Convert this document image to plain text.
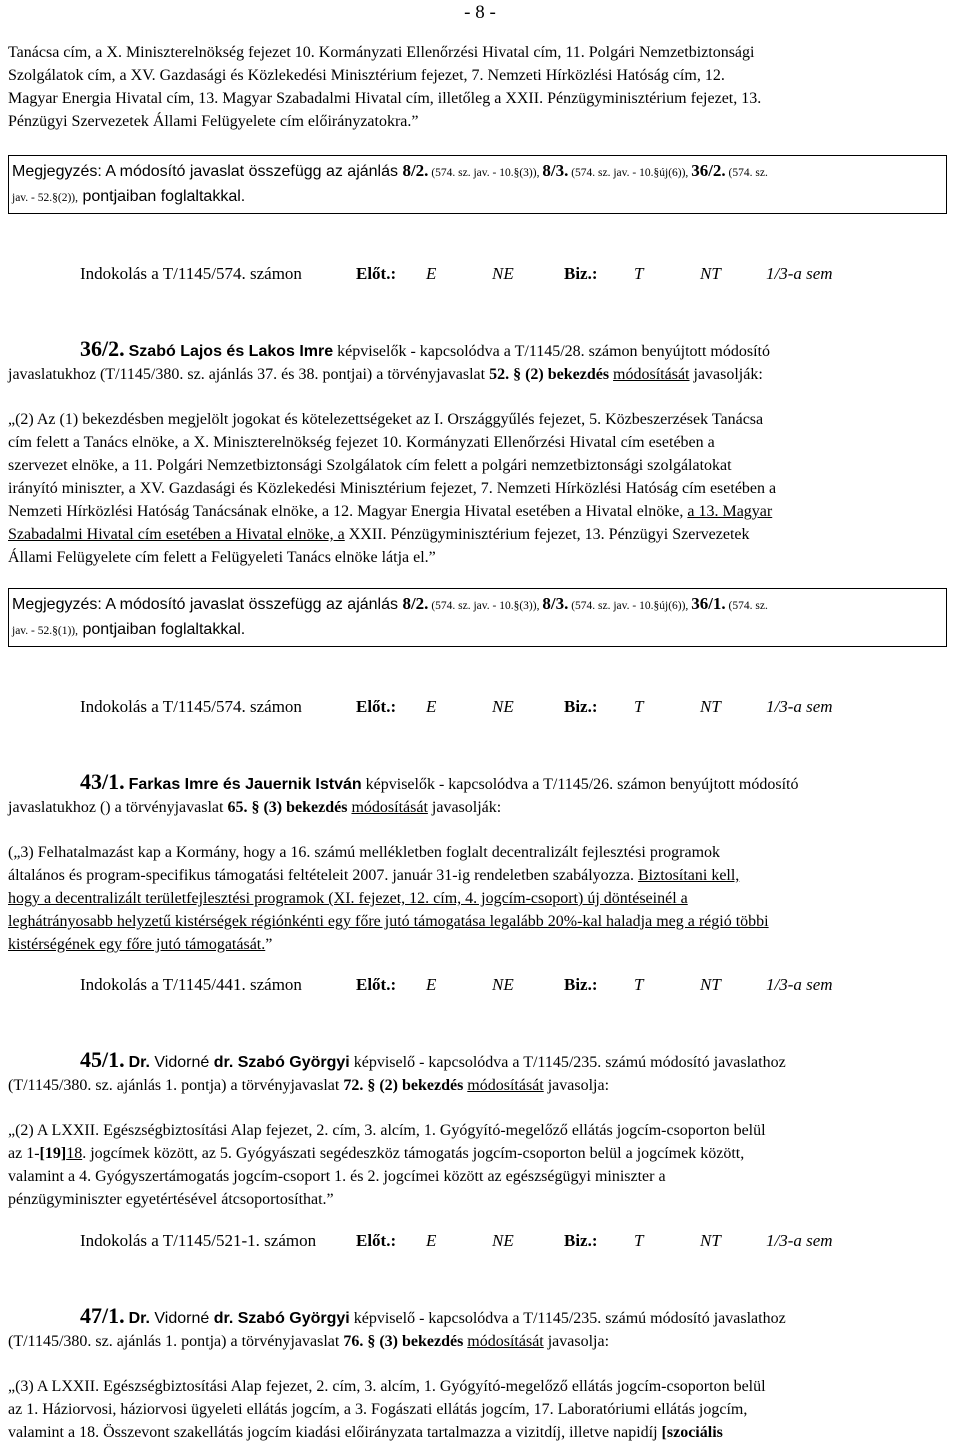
- 8 -
Tanácsa cím, a X. Miniszterelnökség fejezet 10. Kormányzati Ellenőrzési Hivatal cím, 11. Polgári Nemzetbiztonsági
Szolgálatok cím, a XV. Gazdasági és Közlekedési Minisztérium fejezet, 7. Nemzeti Hírközlési Hatóság cím, 12.
Magyar Energia Hivatal cím, 13. Magyar Szabadalmi Hivatal cím, illetőleg a XXII. Pénzügyminisztérium fejezet, 13.
Pénzügyi Szervezetek Állami Felügyelete cím előirányzatokra.”
Megjegyzés: A módosító javaslat összefügg az ajánlás 8/2. (574. sz. jav. - 10.§(3)), 8/3. (574. sz. jav. - 10.§új(6)), 36/2. (574. sz.
jav. - 52.§(2)), pontjaiban foglaltakkal.
Indokolás a T/1145/574. számon	Előt.: E	NE	Biz.: T	NT	1/3-a sem
36/2. Szabó Lajos és Lakos Imre képviselők - kapcsolódva a T/1145/28. számon benyújtott módosító
javaslatukhoz (T/1145/380. sz. ajánlás 37. és 38. pontjai) a törvényjavaslat 52. § (2) bekezdés módosítását javasolják:
„(2) Az (1) bekezdésben megjelölt jogokat és kötelezettségeket az I. Országgyűlés fejezet, 5. Közbeszerzések Tanácsa
cím felett a Tanács elnöke, a X. Miniszterelnökség fejezet 10. Kormányzati Ellenőrzési Hivatal cím esetében a
szervezet elnöke, a 11. Polgári Nemzetbiztonsági Szolgálatok cím felett a polgári nemzetbiztonsági szolgálatokat
irányító miniszter, a XV. Gazdasági és Közlekedési Minisztérium fejezet, 7. Nemzeti Hírközlési Hatóság cím esetében a
Nemzeti Hírközlési Hatóság Tanácsának elnöke, a 12. Magyar Energia Hivatal esetében a Hivatal elnöke, a 13. Magyar
Szabadalmi Hivatal cím esetében a Hivatal elnöke, a XXII. Pénzügyminisztérium fejezet, 13. Pénzügyi Szervezetek
Állami Felügyelete cím felett a Felügyeleti Tanács elnöke látja el.”
Megjegyzés: A módosító javaslat összefügg az ajánlás 8/2. (574. sz. jav. - 10.§(3)), 8/3. (574. sz. jav. - 10.§új(6)), 36/1. (574. sz.
jav. - 52.§(1)), pontjaiban foglaltakkal.
Indokolás a T/1145/574. számon	Előt.: E	NE	Biz.: T	NT	1/3-a sem
43/1. Farkas Imre és Jauernik István képviselők - kapcsolódva a T/1145/26. számon benyújtott módosító
javaslatukhoz () a törvényjavaslat 65. § (3) bekezdés módosítását javasolják:
(„3) Felhatalmazást kap a Kormány, hogy a 16. számú mellékletben foglalt decentralizált fejlesztési programok
általános és program-specifikus támogatási feltételeit 2007. január 31-ig rendeletben szabályozza. Biztosítani kell,
hogy a decentralizált területfejlesztési programok (XI. fejezet, 12. cím, 4. jogcím-csoport) új döntéseinél a
leghátrányosabb helyzetű kistérségek régiónkénti egy főre jutó támogatása legalább 20%-kal haladja meg a régió többi
kistérségének egy főre jutó támogatását.”
Indokolás a T/1145/441. számon	Előt.: E	NE	Biz.: T	NT	1/3-a sem
45/1. Dr. Vidorné dr. Szabó Györgyi képviselő - kapcsolódva a T/1145/235. számú módosító javaslathoz
(T/1145/380. sz. ajánlás 1. pontja) a törvényjavaslat 72. § (2) bekezdés módosítását javasolja:
„(2) A LXXII. Egészségbiztosítási Alap fejezet, 2. cím, 3. alcím, 1. Gyógyító-megelőző ellátás jogcím-csoporton belül
az 1-[19]18. jogcímek között, az 5. Gyógyászati segédeszköz támogatás jogcím-csoporton belül a jogcímek között,
valamint a 4. Gyógyszertámogatás jogcím-csoport 1. és 2. jogcímei között az egészségügyi miniszter a
pénzügyminiszter egyetértésével átcsoportosíthat.”
Indokolás a T/1145/521-1. számon Előt.: E	NE	Biz.: T	NT	1/3-a sem
47/1. Dr. Vidorné dr. Szabó Györgyi képviselő - kapcsolódva a T/1145/235. számú módosító javaslathoz
(T/1145/380. sz. ajánlás 1. pontja) a törvényjavaslat 76. § (3) bekezdés módosítását javasolja:
„(3) A LXXII. Egészségbiztosítási Alap fejezet, 2. cím, 3. alcím, 1. Gyógyító-megelőző ellátás jogcím-csoporton belül
az 1. Háziorvosi, háziorvosi ügyeleti ellátás jogcím, a 3. Fogászati ellátás jogcím, 17. Laboratóriumi ellátás jogcím,
valamint a 18. Összevont szakellátás jogcím kiadási előirányzata tartalmazza a vizitdíj, illetve napidíj [szociális
